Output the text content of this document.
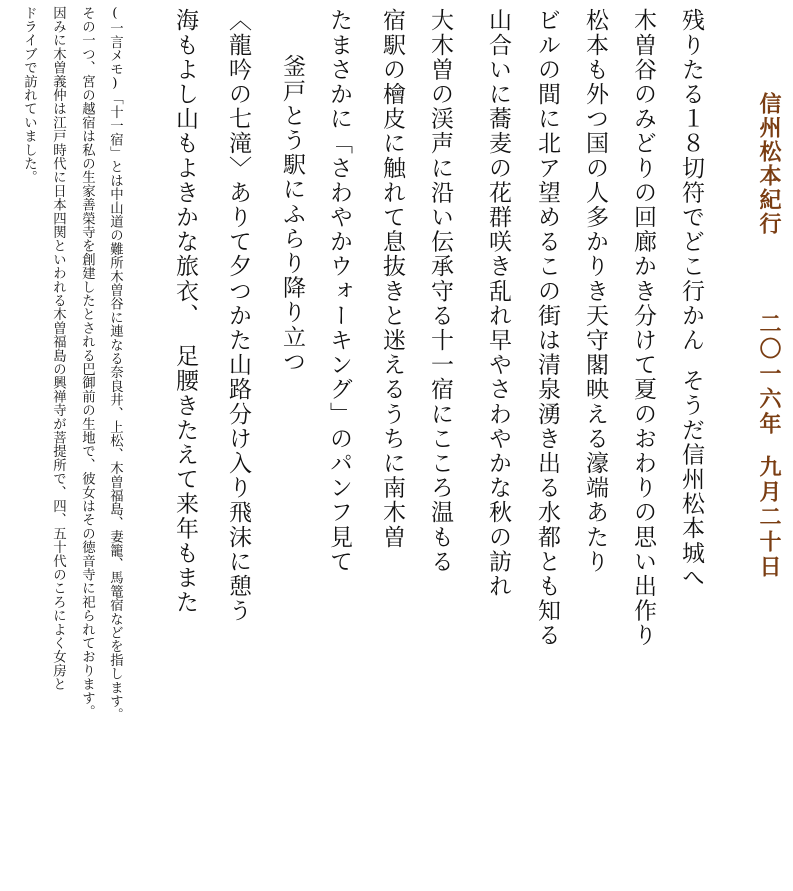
信州松本紀行

二〇一六年九月二十日

残りたる１８切符でどこ行かんそうだ信州松本城へ

木曽谷のみどりの回廊かき分けて夏のおわりの思い出作り

松本も外つ国の人多かりき天守閣映える濠端あたり

ビルの間に北ア望めるこの街は清泉湧き出る水都とも知る

山合いに蕎麦の花群咲き乱れ早やさわやかな秋の訪れ

大木曽の渓声に沿い伝承守る十一宿にこころ温もる

宿駅の檜皮に触れて息抜きと迷えるうちに南木曽

たまさかに「さわやかウォーキング」のパンフ見て

釜戸とう駅にふらり降り立つ

〈龍吟の七滝〉ありて夕つかた山路分け入り飛沫に憩う

海もよし山もよきかな旅衣、足腰きたえて来年もまた

(一言メモ)「十一宿」とは中山道の難所木曽谷に連なる奈良井、上松、木曽福島、妻籠、馬篭宿などを指します。

その一つ、宮の越宿は私の生家善榮寺を創建したとされる巴御前の生地で、彼女はその徳音寺に祀られております。

因みに木曽義仲は江戸時代に日本四関といわれる木曽福島の興禅寺が菩提所で、四、五十代のころによく女房と

ドライブで訪れていました。
